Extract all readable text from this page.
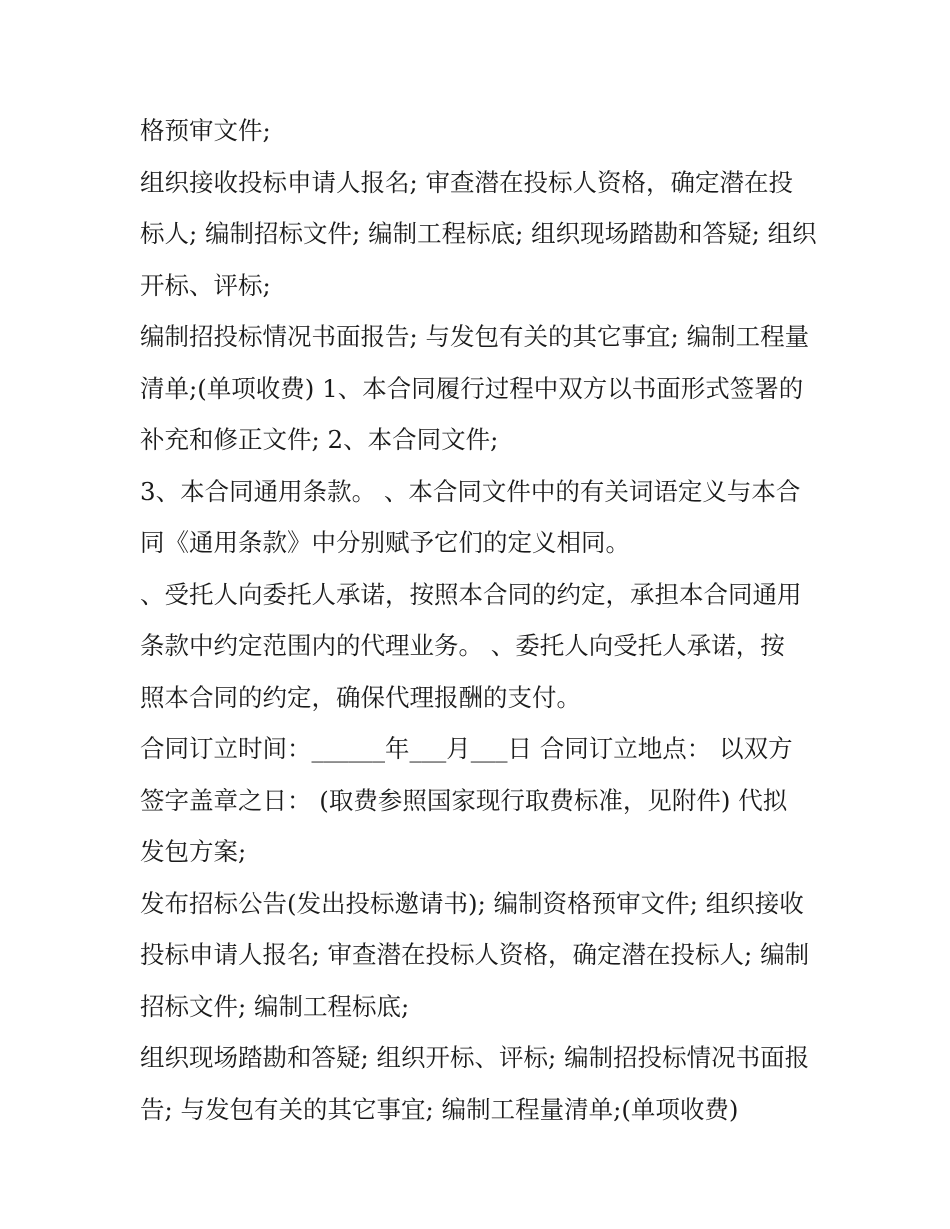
格预审文件;
组织接收投标申请人报名; 审查潜在投标人资格，确定潜在投
标人; 编制招标文件; 编制工程标底; 组织现场踏勘和答疑; 组织
开标、评标;
编制招投标情况书面报告; 与发包有关的其它事宜; 编制工程量
清单;(单项收费) 1、本合同履行过程中双方以书面形式签署的
补充和修正文件; 2、本合同文件;
3、本合同通用条款。 、本合同文件中的有关词语定义与本合
同《通用条款》中分别赋予它们的定义相同。
、受托人向委托人承诺，按照本合同的约定，承担本合同通用
条款中约定范围内的代理业务。 、委托人向受托人承诺，按
照本合同的约定，确保代理报酬的支付。
合同订立时间：______年___月___日 合同订立地点： 以双方
签字盖章之日： (取费参照国家现行取费标准，见附件) 代拟
发包方案;
发布招标公告(发出投标邀请书); 编制资格预审文件; 组织接收
投标申请人报名; 审查潜在投标人资格，确定潜在投标人; 编制
招标文件; 编制工程标底;
组织现场踏勘和答疑; 组织开标、评标; 编制招投标情况书面报
告; 与发包有关的其它事宜; 编制工程量清单;(单项收费)
